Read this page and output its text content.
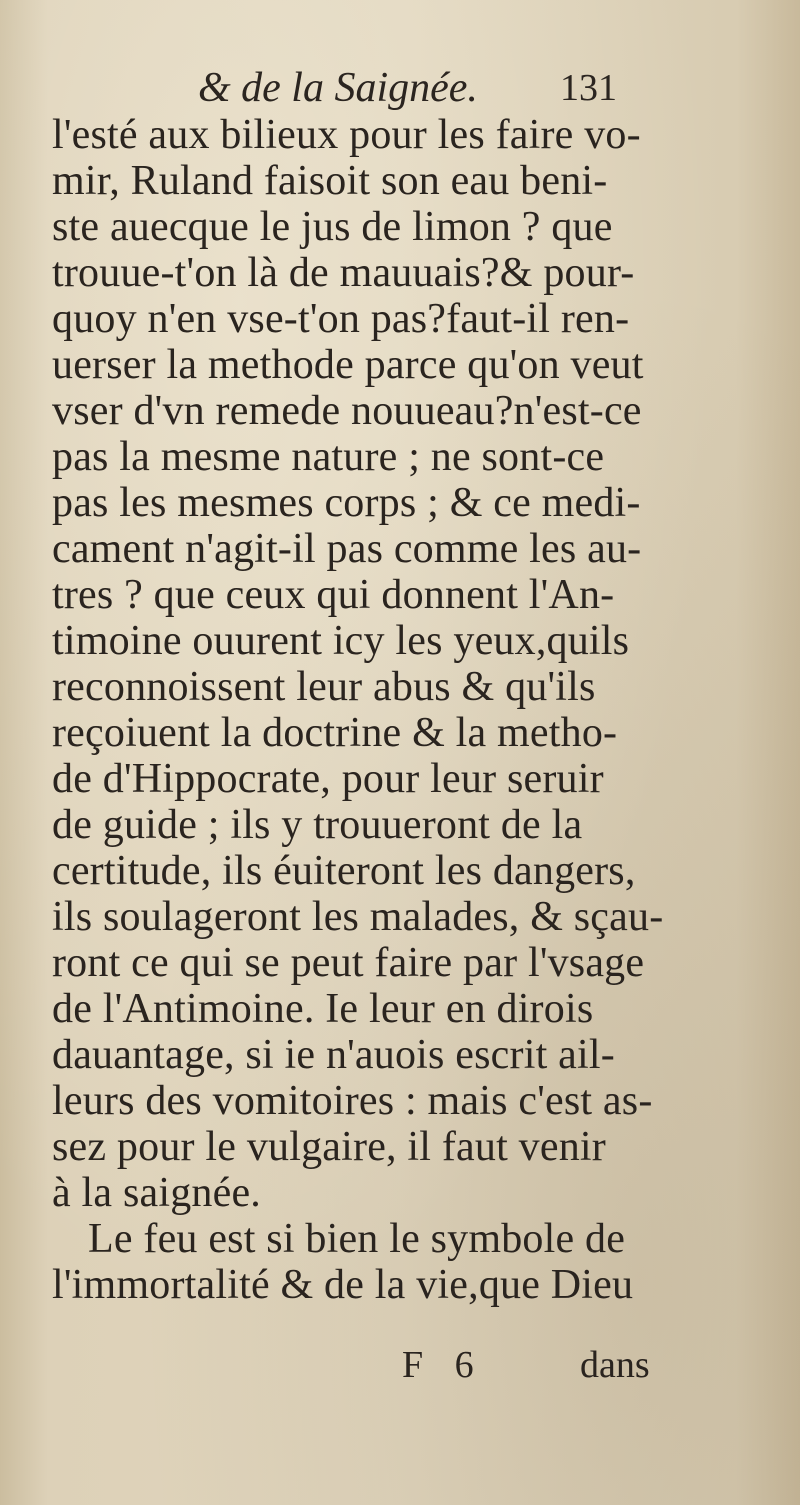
& de la Saignée. 131
l'esté aux bilieux pour les faire vo-
mir, Ruland faisoit son eau beni-
ste auecque le jus de limon ? que
trouue-t'on là de mauuais?& pour-
quoy n'en vse-t'on pas?faut-il ren-
uerser la methode parce qu'on veut
vser d'vn remede nouueau?n'est-ce
pas la mesme nature ; ne sont-ce
pas les mesmes corps ; & ce medi-
cament n'agit-il pas comme les au-
tres ? que ceux qui donnent l'An-
timoine ouurent icy les yeux,quils
reconnoissent leur abus & qu'ils
reçoiuent la doctrine & la metho-
de d'Hippocrate, pour leur seruir
de guide ; ils y trouueront de la
certitude, ils éuiteront les dangers,
ils soulageront les malades, & sçau-
ront ce qui se peut faire par l'vsage
de l'Antimoine. Ie leur en dirois
dauantage, si ie n'auois escrit ail-
leurs des vomitoires : mais c'est as-
sez pour le vulgaire, il faut venir
à la saignée.
Le feu est si bien le symbole de
l'immortalité & de la vie,que Dieu
F 6	dans
